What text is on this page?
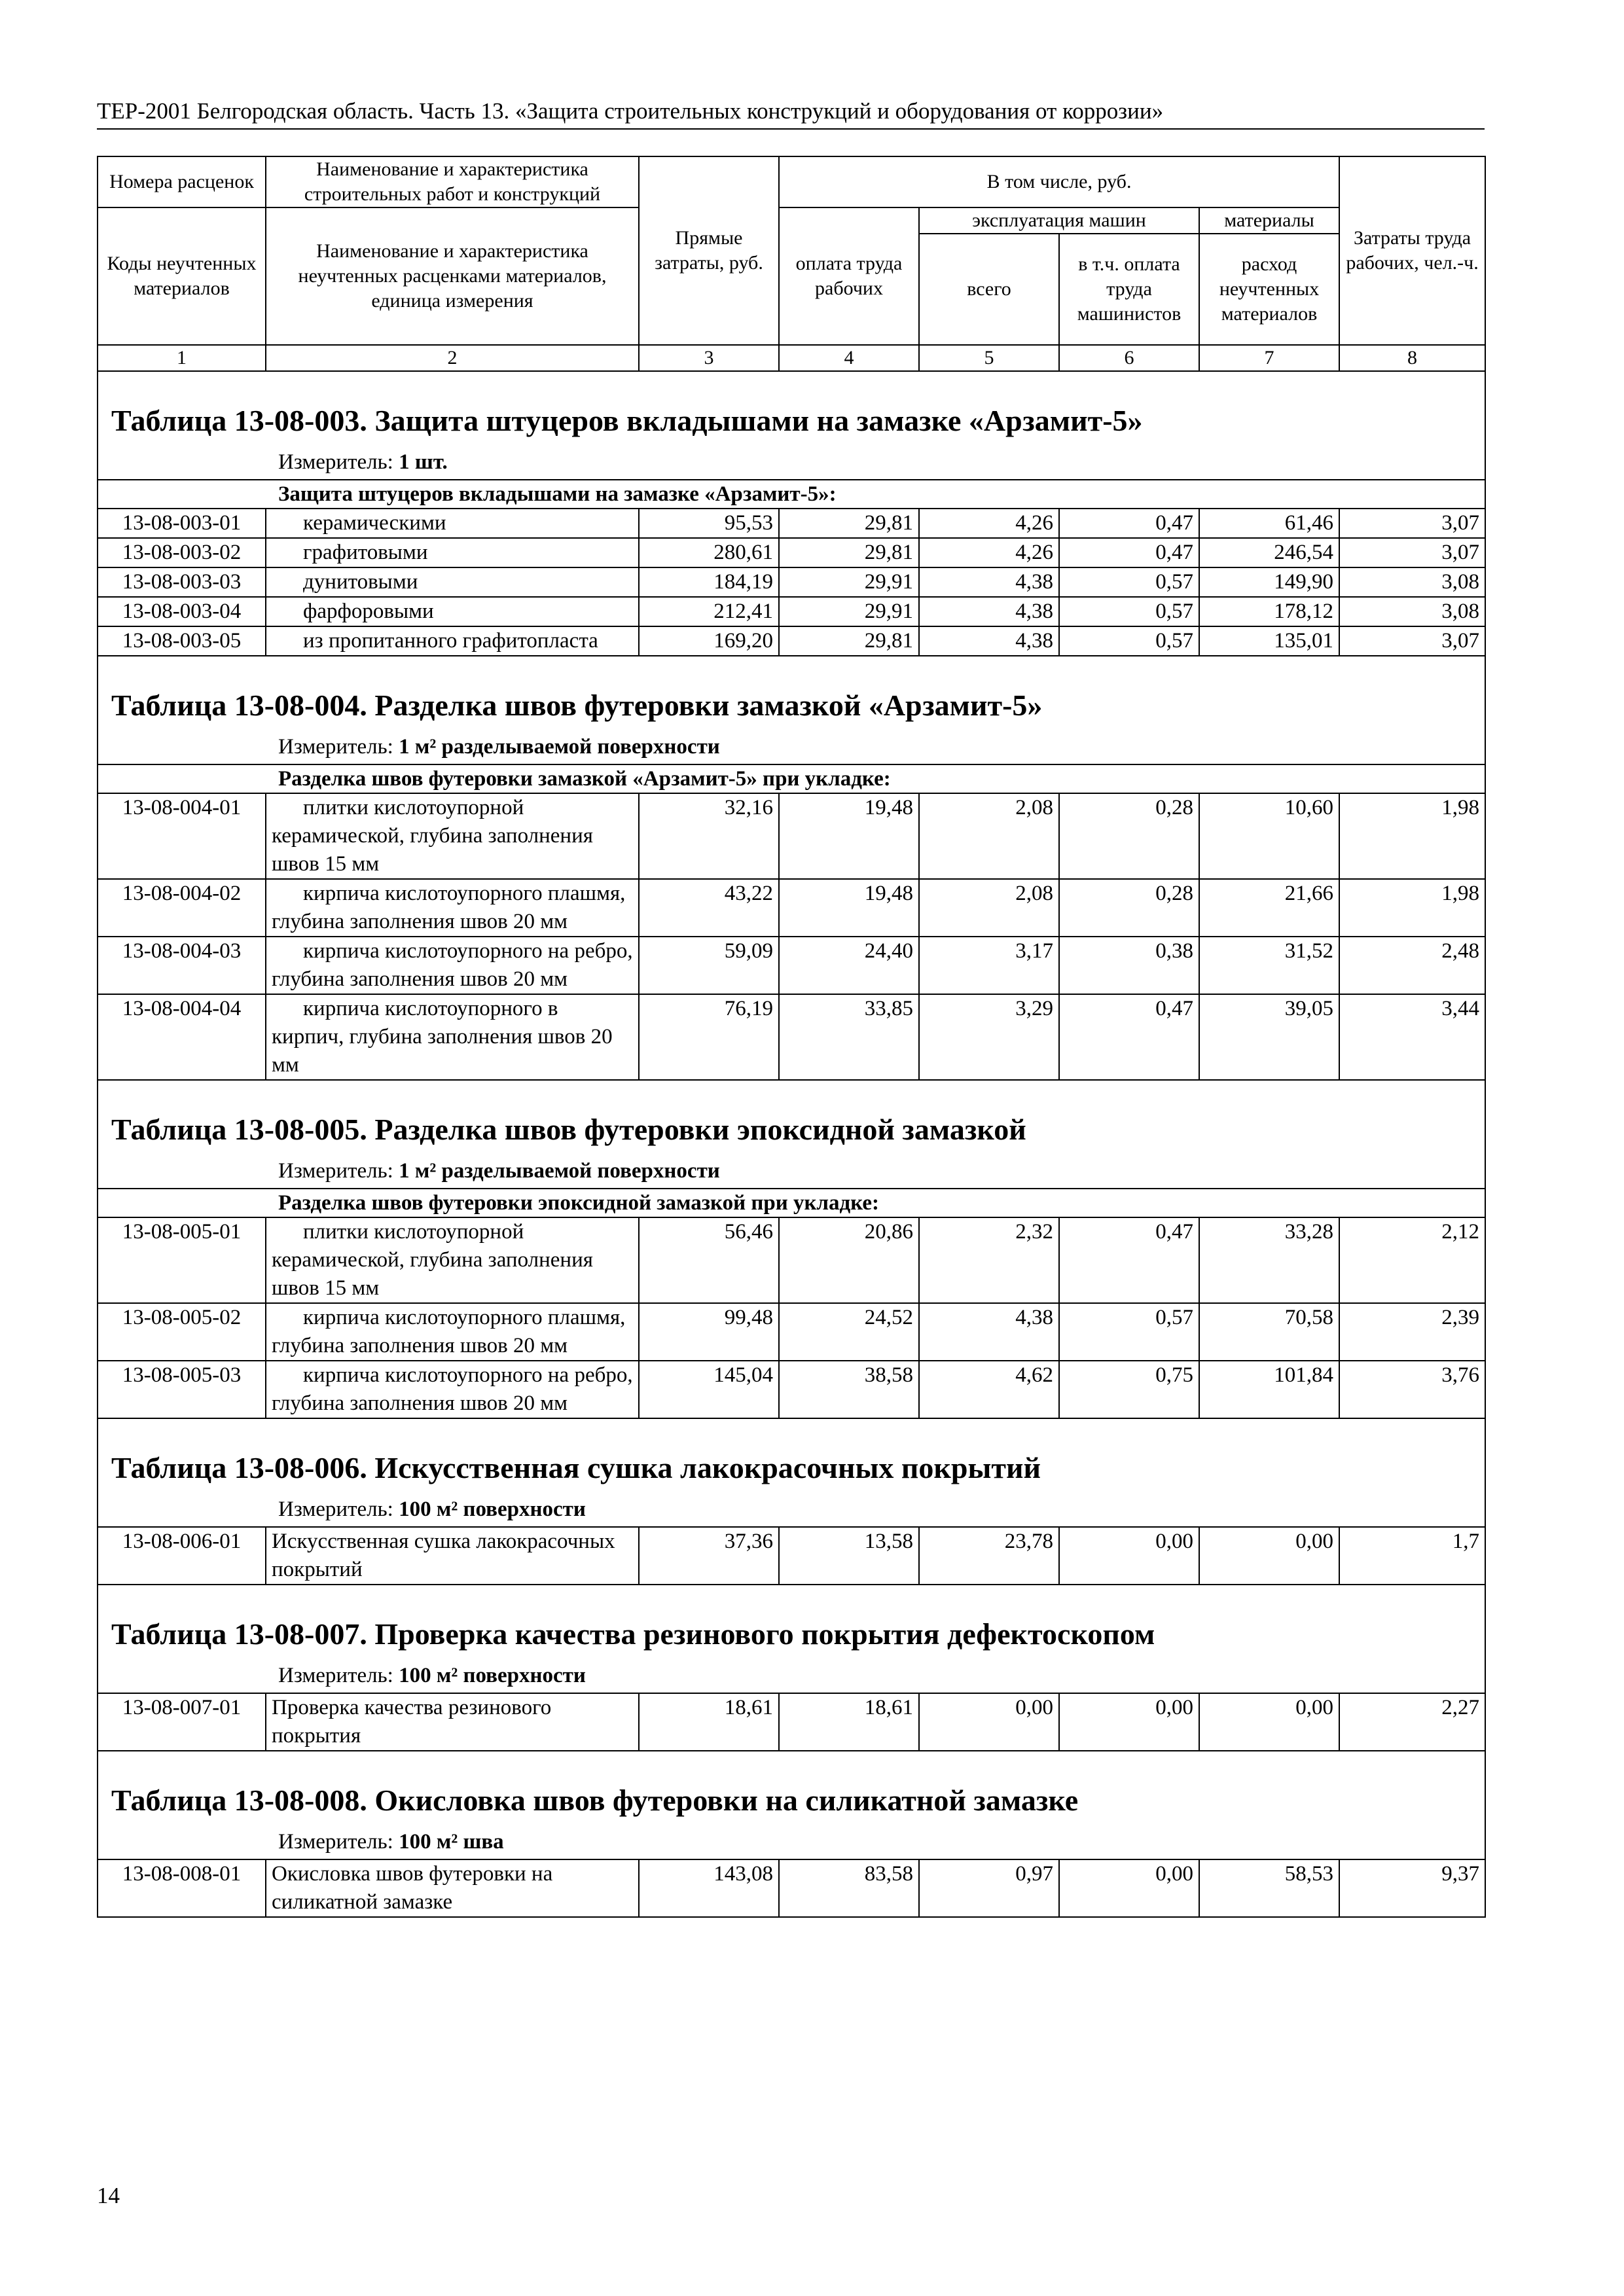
ТЕР-2001 Белгородская область. Часть 13. «Защита строительных конструкций и оборудования от коррозии»
Номера расценок	Наименование и характеристика строительных работ и конструкций	Прямые затраты, руб.	В том числе, руб.				Затраты труда рабочих, чел.-ч.
Коды неучтенных материалов	Наименование и характеристика неучтенных расценками материалов, единица измерения		оплата труда рабочих	эксплуатация машин		материалы	
				всего	в т.ч. оплата труда машинистов	расход неучтенных материалов	
1	2	3	4	5	6	7	8
Таблица 13-08-003. Защита штуцеров вкладышами на замазке «Арзамит-5»							
Измеритель: 1 шт.							
Защита штуцеров вкладышами на замазке «Арзамит-5»:							
13-08-003-01	керамическими	95,53	29,81	4,26	0,47	61,46	3,07
13-08-003-02	графитовыми	280,61	29,81	4,26	0,47	246,54	3,07
13-08-003-03	дунитовыми	184,19	29,91	4,38	0,57	149,90	3,08
13-08-003-04	фарфоровыми	212,41	29,91	4,38	0,57	178,12	3,08
13-08-003-05	из пропитанного графитопласта	169,20	29,81	4,38	0,57	135,01	3,07
Таблица 13-08-004. Разделка швов футеровки замазкой «Арзамит-5»							
Измеритель: 1 м² разделываемой поверхности							
Разделка швов футеровки замазкой «Арзамит-5» при укладке:							
13-08-004-01	плитки кислотоупорной керамической, глубина заполнения швов 15 мм	32,16	19,48	2,08	0,28	10,60	1,98
13-08-004-02	кирпича кислотоупорного плашмя, глубина заполнения швов 20 мм	43,22	19,48	2,08	0,28	21,66	1,98
13-08-004-03	кирпича кислотоупорного на ребро, глубина заполнения швов 20 мм	59,09	24,40	3,17	0,38	31,52	2,48
13-08-004-04	кирпича кислотоупорного в кирпич, глубина заполнения швов 20 мм	76,19	33,85	3,29	0,47	39,05	3,44
Таблица 13-08-005. Разделка швов футеровки эпоксидной замазкой							
Измеритель: 1 м² разделываемой поверхности							
Разделка швов футеровки эпоксидной замазкой при укладке:							
13-08-005-01	плитки кислотоупорной керамической, глубина заполнения швов 15 мм	56,46	20,86	2,32	0,47	33,28	2,12
13-08-005-02	кирпича кислотоупорного плашмя, глубина заполнения швов 20 мм	99,48	24,52	4,38	0,57	70,58	2,39
13-08-005-03	кирпича кислотоупорного на ребро, глубина заполнения швов 20 мм	145,04	38,58	4,62	0,75	101,84	3,76
Таблица 13-08-006. Искусственная сушка лакокрасочных покрытий							
Измеритель: 100 м² поверхности							
13-08-006-01	Искусственная сушка лакокрасочных покрытий	37,36	13,58	23,78	0,00	0,00	1,7
Таблица 13-08-007. Проверка качества резинового покрытия дефектоскопом							
Измеритель: 100 м² поверхности							
13-08-007-01	Проверка качества резинового покрытия	18,61	18,61	0,00	0,00	0,00	2,27
Таблица 13-08-008. Окисловка швов футеровки на силикатной замазке							
Измеритель: 100 м² шва							
13-08-008-01	Окисловка швов футеровки на силикатной замазке	143,08	83,58	0,97	0,00	58,53	9,37
14
